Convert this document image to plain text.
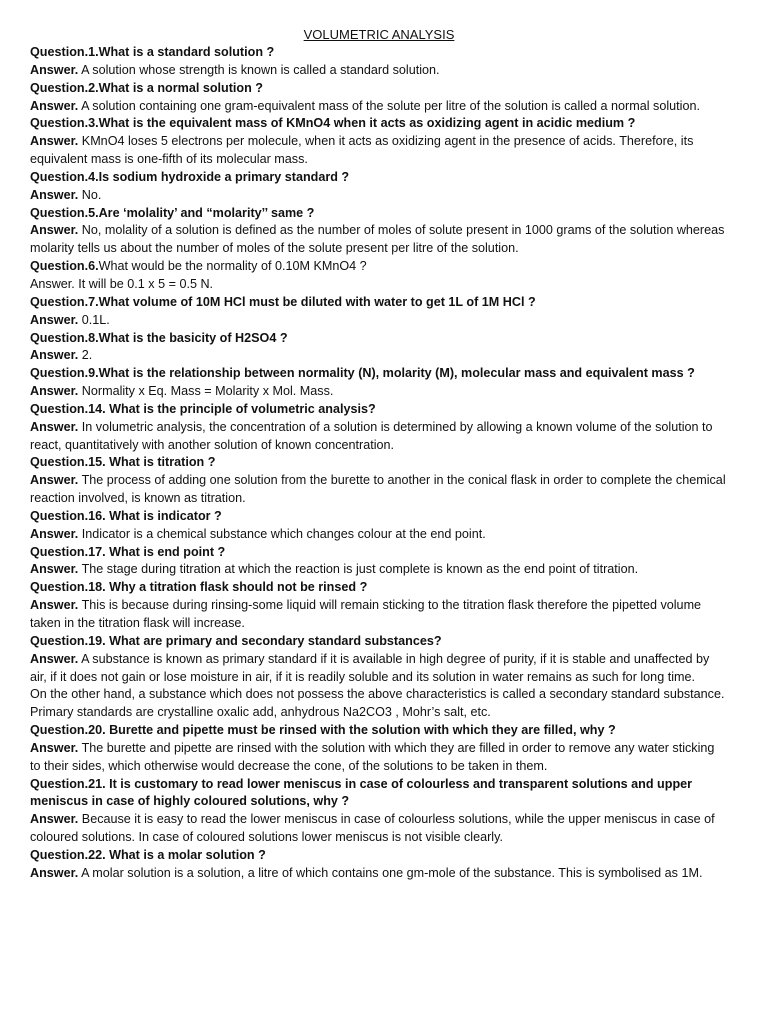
VOLUMETRIC ANALYSIS

Question.1.What is a standard solution ?

Answer. A solution whose strength is known is called a standard solution.

Question.2.What is a normal solution ?

Answer. A solution containing one gram-equivalent mass of the solute per litre of the solution is called a normal solution.

Question.3.What is the equivalent mass of KMnO4 when it acts as oxidizing agent in acidic medium ?

Answer. KMnO4 loses 5 electrons per molecule, when it acts as oxidizing agent in the presence of acids. Therefore, its equivalent mass is one-fifth of its molecular mass.

Question.4.Is sodium hydroxide a primary standard ?

Answer. No.

Question.5.Are ‘molality’ and “molarity’’ same ?

Answer. No, molality of a solution is defined as the number of moles of solute present in 1000 grams of the solution whereas molarity tells us about the number of moles of the solute present per litre of the solution.

Question.6.What would be the normality of 0.10M KMnO4 ?

Answer. It will be 0.1 x 5 = 0.5 N.

Question.7.What volume of 10M HCl must be diluted with water to get 1L of 1M HCl ?

Answer. 0.1L.

Question.8.What is the basicity of H2SO4 ?

Answer. 2.

Question.9.What is the relationship between normality (N), molarity (M), molecular mass and equivalent mass ?

Answer. Normality x Eq. Mass = Molarity x Mol. Mass.

Question.14. What is the principle of volumetric analysis?

Answer. In volumetric analysis, the concentration of a solution is determined by allowing a known volume of the solution to react, quantitatively with another solution of known concentration.

Question.15. What is titration ?

Answer. The process of adding one solution from the burette to another in the conical flask in order to complete the chemical reaction involved, is known as titration.

Question.16. What is indicator ?

Answer. Indicator is a chemical substance which changes colour at the end point.

Question.17. What is end point ?

Answer. The stage during titration at which the reaction is just complete is known as the end point of titration.

Question.18. Why a titration flask should not be rinsed ?

Answer. This is because during rinsing-some liquid will remain sticking to the titration flask therefore the pipetted volume taken in the titration flask will increase.

Question.19. What are primary and secondary standard substances?

Answer. A substance is known as primary standard if it is available in high degree of purity, if it is stable and unaffected by air, if it does not gain or lose moisture in air, if it is readily soluble and its solution in water remains as such for long time.

On the other hand, a substance which does not possess the above characteristics is called a secondary standard substance. Primary standards are crystalline oxalic add, anhydrous Na2CO3 , Mohr’s salt, etc.

Question.20. Burette and pipette must be rinsed with the solution with which they are filled, why ?

Answer. The burette and pipette are rinsed with the solution with which they are filled in order to remove any water sticking to their sides, which otherwise would decrease the cone, of the solutions to be taken in them.

Question.21. It is customary to read lower meniscus in case of colourless and transparent solutions and upper meniscus in case of highly coloured solutions, why ?

Answer. Because it is easy to read the lower meniscus in case of colourless solutions, while the upper meniscus in case of coloured solutions. In case of coloured solutions lower meniscus is not visible clearly.

Question.22. What is a molar solution ?

Answer. A molar solution is a solution, a litre of which contains one gm-mole of the substance. This is symbolised as 1M.
